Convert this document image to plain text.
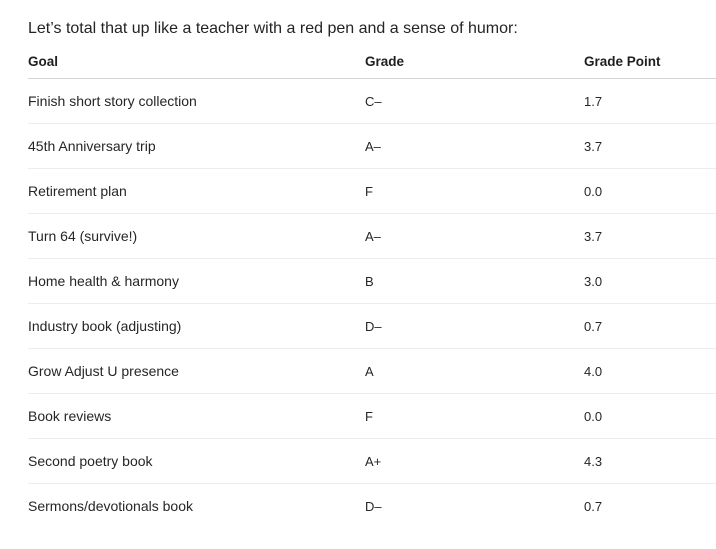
Let’s total that up like a teacher with a red pen and a sense of humor:
Goal	Grade	Grade Point
Finish short story collection	C–	1.7
45th Anniversary trip	A–	3.7
Retirement plan	F	0.0
Turn 64 (survive!)	A–	3.7
Home health & harmony	B	3.0
Industry book (adjusting)	D–	0.7
Grow Adjust U presence	A	4.0
Book reviews	F	0.0
Second poetry book	A+	4.3
Sermons/devotionals book	D–	0.7
